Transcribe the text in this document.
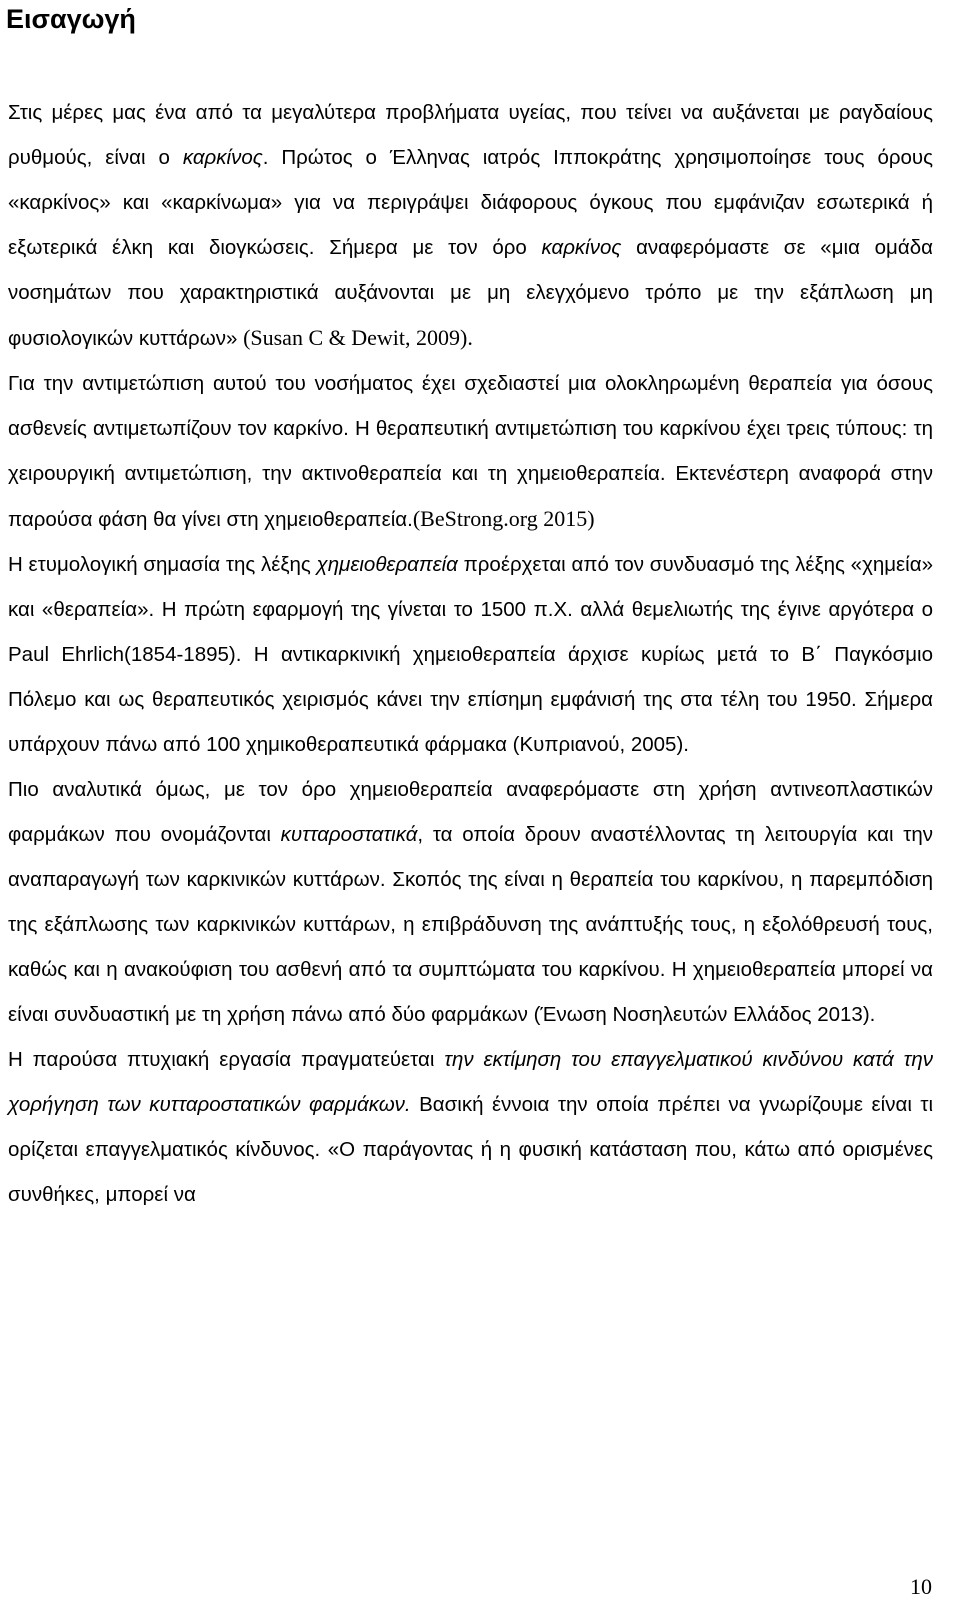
Εισαγωγή

Στις μέρες μας ένα από τα μεγαλύτερα προβλήματα υγείας, που τείνει να αυξάνεται με ραγδαίους ρυθμούς, είναι ο καρκίνος. Πρώτος ο Έλληνας ιατρός Ιπποκράτης χρησιμοποίησε τους όρους «καρκίνος» και «καρκίνωμα» για να περιγράψει διάφορους όγκους που εμφάνιζαν εσωτερικά ή εξωτερικά έλκη και διογκώσεις. Σήμερα με τον όρο καρκίνος αναφερόμαστε σε «μια ομάδα νοσημάτων που χαρακτηριστικά αυξάνονται με μη ελεγχόμενο τρόπο με την εξάπλωση μη φυσιολογικών κυττάρων» (Susan C & Dewit, 2009).

Για την αντιμετώπιση αυτού του νοσήματος έχει σχεδιαστεί μια ολοκληρωμένη θεραπεία για όσους ασθενείς αντιμετωπίζουν τον καρκίνο. Η θεραπευτική αντιμετώπιση του καρκίνου έχει τρεις τύπους: τη χειρουργική αντιμετώπιση, την ακτινοθεραπεία και τη χημειοθεραπεία. Εκτενέστερη αναφορά στην παρούσα φάση θα γίνει στη χημειοθεραπεία.(BeStrong.org 2015)

Η ετυμολογική σημασία της λέξης χημειοθεραπεία προέρχεται από τον συνδυασμό της λέξης «χημεία» και «θεραπεία». Η πρώτη εφαρμογή της γίνεται το 1500 π.Χ. αλλά θεμελιωτής της έγινε αργότερα ο Paul Ehrlich(1854-1895). Η αντικαρκινική χημειοθεραπεία άρχισε κυρίως μετά το Β΄ Παγκόσμιο Πόλεμο και ως θεραπευτικός χειρισμός κάνει την επίσημη εμφάνισή της στα τέλη του 1950. Σήμερα υπάρχουν πάνω από 100 χημικοθεραπευτικά φάρμακα (Κυπριανού, 2005).

Πιο αναλυτικά όμως, με τον όρο χημειοθεραπεία αναφερόμαστε στη χρήση αντινεοπλαστικών φαρμάκων που ονομάζονται κυτταροστατικά, τα οποία δρουν αναστέλλοντας τη λειτουργία και την αναπαραγωγή των καρκινικών κυττάρων. Σκοπός της είναι η θεραπεία του καρκίνου, η παρεμπόδιση της εξάπλωσης των καρκινικών κυττάρων, η επιβράδυνση της ανάπτυξής τους, η εξολόθρευσή τους, καθώς και η ανακούφιση του ασθενή από τα συμπτώματα του καρκίνου. Η χημειοθεραπεία μπορεί να είναι συνδυαστική με τη χρήση πάνω από δύο φαρμάκων (Ένωση Νοσηλευτών Ελλάδος 2013).

Η παρούσα πτυχιακή εργασία πραγματεύεται την εκτίμηση του επαγγελματικού κινδύνου κατά την χορήγηση των κυτταροστατικών φαρμάκων. Βασική έννοια την οποία πρέπει να γνωρίζουμε είναι τι ορίζεται επαγγελματικός κίνδυνος. «Ο παράγοντας ή η φυσική κατάσταση που, κάτω από ορισμένες συνθήκες, μπορεί να

10
